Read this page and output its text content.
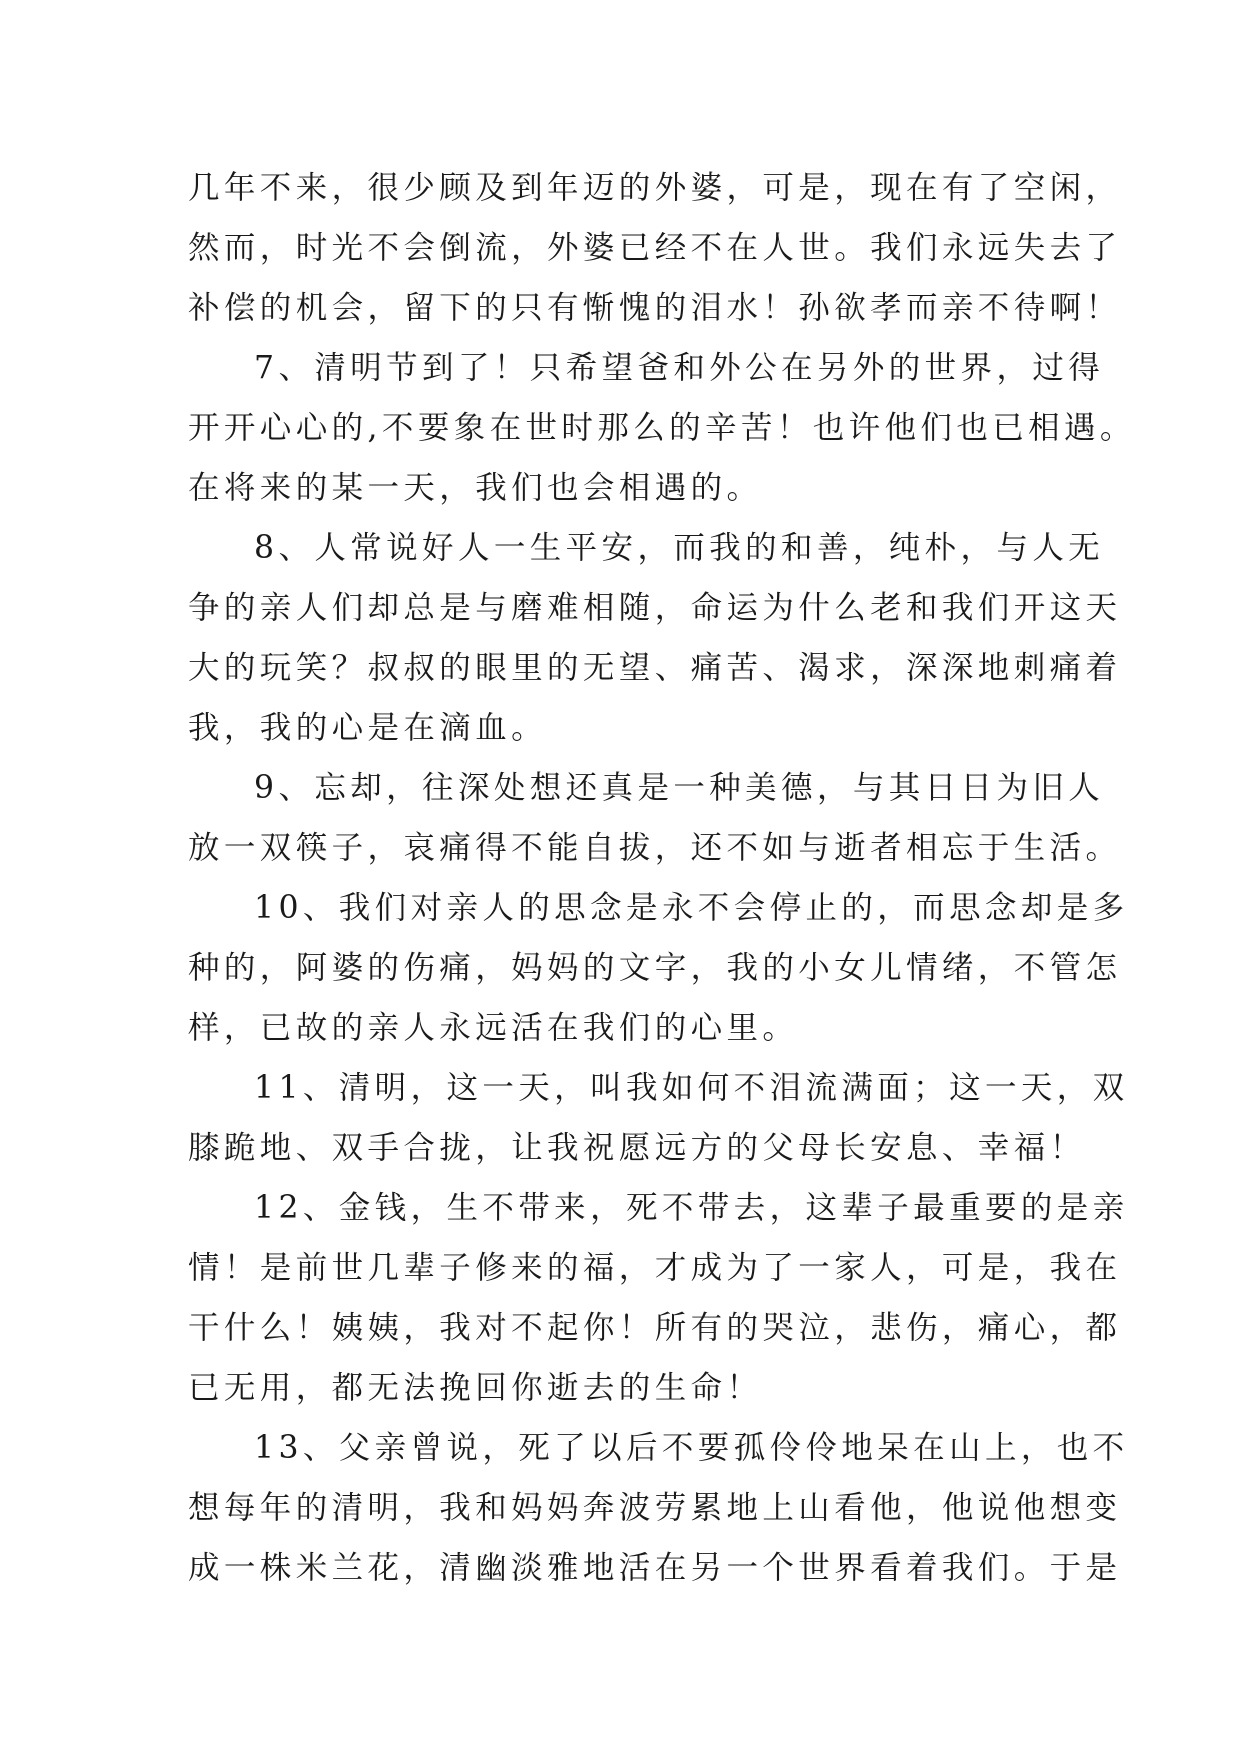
几年不来，很少顾及到年迈的外婆，可是，现在有了空闲，
然而，时光不会倒流，外婆已经不在人世。我们永远失去了
补偿的机会，留下的只有惭愧的泪水！孙欲孝而亲不待啊！
7、清明节到了！只希望爸和外公在另外的世界，过得
开开心心的,不要象在世时那么的辛苦！也许他们也已相遇。
在将来的某一天，我们也会相遇的。
8、人常说好人一生平安，而我的和善，纯朴，与人无
争的亲人们却总是与磨难相随，命运为什么老和我们开这天
大的玩笑？叔叔的眼里的无望、痛苦、渴求，深深地刺痛着
我，我的心是在滴血。
9、忘却，往深处想还真是一种美德，与其日日为旧人
放一双筷子，哀痛得不能自拔，还不如与逝者相忘于生活。
10、我们对亲人的思念是永不会停止的，而思念却是多
种的，阿婆的伤痛，妈妈的文字，我的小女儿情绪，不管怎
样，已故的亲人永远活在我们的心里。
11、清明，这一天，叫我如何不泪流满面；这一天，双
膝跪地、双手合拢，让我祝愿远方的父母长安息、幸福！
12、金钱，生不带来，死不带去，这辈子最重要的是亲
情！是前世几辈子修来的福，才成为了一家人，可是，我在
干什么！姨姨，我对不起你！所有的哭泣，悲伤，痛心，都
已无用，都无法挽回你逝去的生命！
13、父亲曾说，死了以后不要孤伶伶地呆在山上，也不
想每年的清明，我和妈妈奔波劳累地上山看他，他说他想变
成一株米兰花，清幽淡雅地活在另一个世界看着我们。于是
